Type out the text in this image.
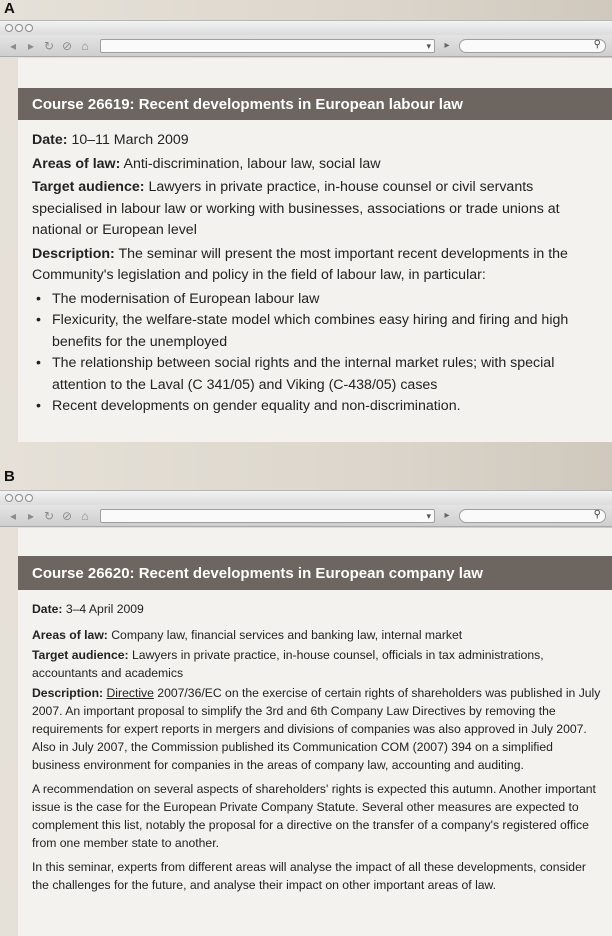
A
◂ ▸ ↻ ⊘ ⌂	▾	▸	⚲
Course 26619: Recent developments in European labour law
Date: 10–11 March 2009
Areas of law: Anti-discrimination, labour law, social law
Target audience: Lawyers in private practice, in-house counsel or civil servants specialised in labour law or working with businesses, associations or trade unions at national or European level
Description: The seminar will present the most important recent developments in the Community's legislation and policy in the field of labour law, in particular:
• The modernisation of European labour law
• Flexicurity, the welfare-state model which combines easy hiring and firing and high benefits for the unemployed
• The relationship between social rights and the internal market rules; with special attention to the Laval (C 341/05) and Viking (C-438/05) cases
• Recent developments on gender equality and non-discrimination.
B
◂ ▸ ↻ ⊘ ⌂	▾	▸	⚲
Course 26620: Recent developments in European company law
Date: 3–4 April 2009
Areas of law: Company law, financial services and banking law, internal market
Target audience: Lawyers in private practice, in-house counsel, officials in tax administrations, accountants and academics
Description: Directive 2007/36/EC on the exercise of certain rights of shareholders was published in July 2007. An important proposal to simplify the 3rd and 6th Company Law Directives by removing the requirements for expert reports in mergers and divisions of companies was also approved in July 2007. Also in July 2007, the Commission published its Communication COM (2007) 394 on a simplified business environment for companies in the areas of company law, accounting and auditing.
A recommendation on several aspects of shareholders' rights is expected this autumn. Another important issue is the case for the European Private Company Statute. Several other measures are expected to complement this list, notably the proposal for a directive on the transfer of a company's registered office from one member state to another.
In this seminar, experts from different areas will analyse the impact of all these developments, consider the challenges for the future, and analyse their impact on other important areas of law.
